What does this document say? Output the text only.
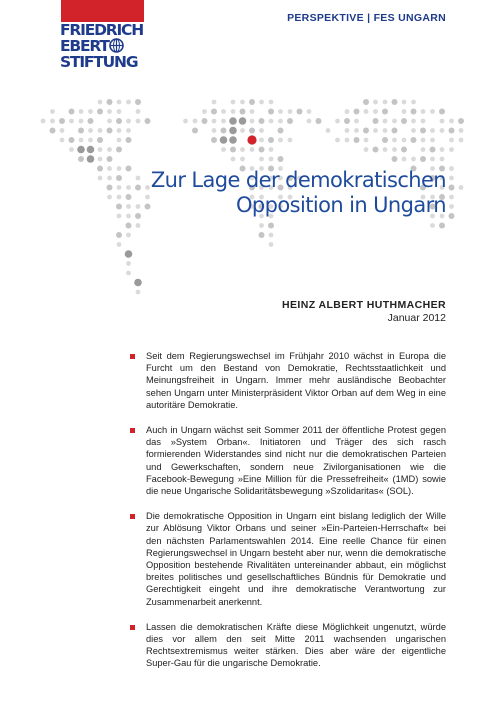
FRIEDRICH
EBERT
STIFTUNG
PERSPEKTIVE | FES UNGARN
Zur Lage der demokratischen
Opposition in Ungarn
HEINZ ALBERT HUTHMACHER
Januar 2012
Seit dem Regierungswechsel im Frühjahr 2010 wächst in Europa die Furcht um den Bestand von Demokratie, Rechtsstaatlichkeit und Meinungsfreiheit in Ungarn. Immer mehr ausländische Beobachter sehen Ungarn unter Ministerpräsident Viktor Orban auf dem Weg in eine autoritäre Demokratie.
Auch in Ungarn wächst seit Sommer 2011 der öffentliche Protest gegen das »System Orban«. Initiatoren und Träger des sich rasch formierenden Widerstandes sind nicht nur die demokratischen Parteien und Gewerkschaften, sondern neue Zivilorganisationen wie die Facebook-Bewegung »Eine Million für die Pressefreiheit« (1MD) sowie die neue Ungarische Solidaritätsbewegung »Szolidaritas« (SOL).
Die demokratische Opposition in Ungarn eint bislang lediglich der Wille zur Ablösung Viktor Orbans und seiner »Ein-Parteien-Herrschaft« bei den nächsten Parlamentswahlen 2014. Eine reelle Chance für einen Regierungswechsel in Ungarn besteht aber nur, wenn die demokratische Opposition bestehende Rivalitäten untereinander abbaut, ein möglichst breites politisches und gesellschaftliches Bündnis für Demokratie und Gerechtigkeit eingeht und ihre demokratische Verantwortung zur Zusammenarbeit anerkennt.
Lassen die demokratischen Kräfte diese Möglichkeit ungenutzt, würde dies vor allem den seit Mitte 2011 wachsenden ungarischen Rechtsextremismus weiter stärken. Dies aber wäre der eigentliche Super-Gau für die ungarische Demokratie.
